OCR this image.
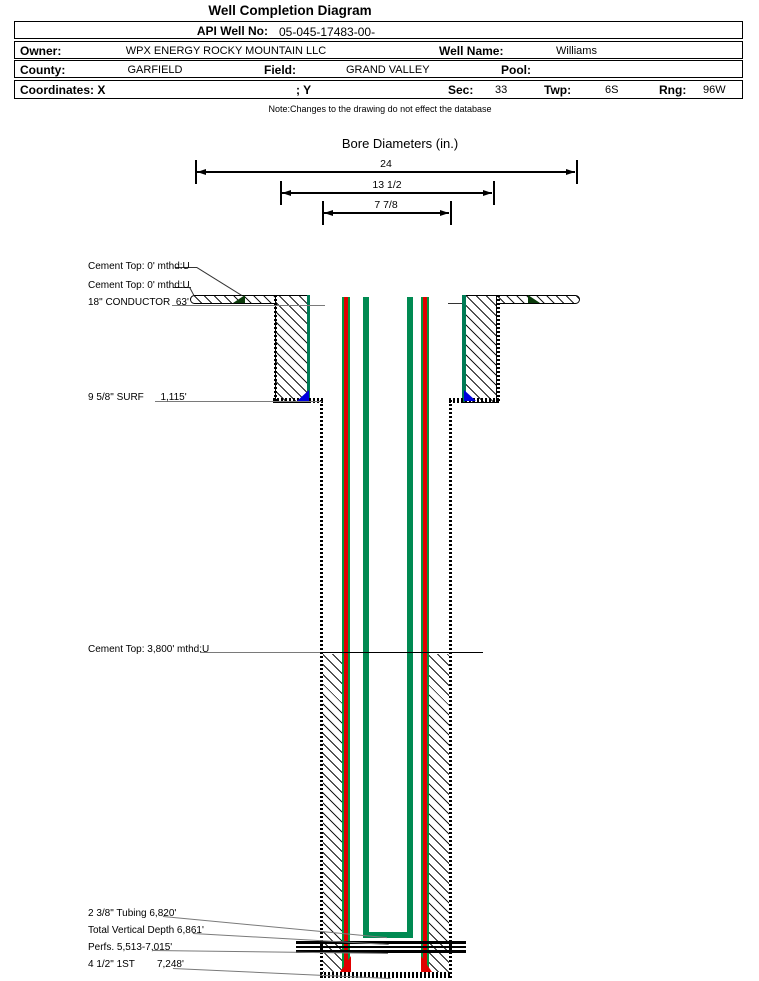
Well Completion Diagram
API Well No: 05-045-17483-00-
Owner:	WPX ENERGY ROCKY MOUNTAIN LLC	Well Name:	Williams
County:	GARFIELD	Field:	GRAND VALLEY	Pool:
Coordinates: X	; Y	Sec: 33	Twp:	6S	Rng: 96W
Note:Changes to the drawing do not effect the database
Bore Diameters (in.)
24
13 1/2
7 7/8
Cement Top: 0' mthd:U
Cement Top: 0' mthd:U
18" CONDUCTOR  63'
9 5/8" SURF      1,115'
Cement Top: 3,800' mthd:U
2 3/8" Tubing 6,820'
Total Vertical Depth 6,861'
Perfs. 5,513-7,015'
4 1/2" 1ST        7,248'
